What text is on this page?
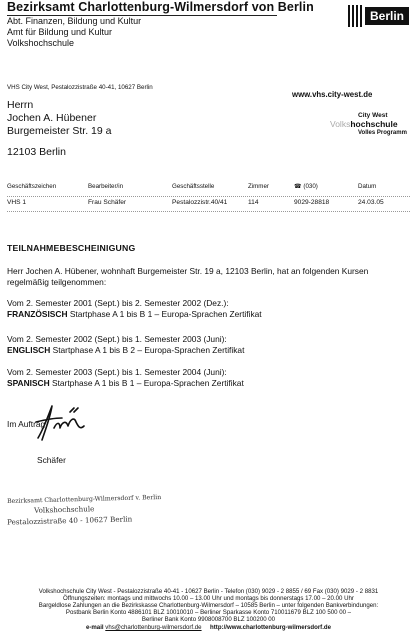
Bezirksamt Charlottenburg-Wilmersdorf von Berlin
Abt. Finanzen, Bildung und Kultur
Amt für Bildung und Kultur
Volkshochschule
Berlin
VHS City West, Pestalozzistraße 40-41, 10627 Berlin
www.vhs.city-west.de
City West
Volkshochschule
Volles Programm
Herrn
Jochen A. Hübener
Burgemeister Str. 19 a
12103 Berlin
Geschäftszeichen	Bearbeiter/in	Geschäftsstelle	Zimmer	☎ (030)	Datum
VHS 1	Frau Schäfer	Pestalozzistr.40/41	114	9029-28818	24.03.05
TEILNAHMEBESCHEINIGUNG
Herr Jochen A. Hübener, wohnhaft Burgemeister Str. 19 a, 12103 Berlin, hat an folgenden Kursen
regelmäßig teilgenommen:
Vom 2. Semester 2001 (Sept.) bis 2. Semester 2002 (Dez.):
FRANZÖSISCH Startphase A 1 bis B 1 – Europa-Sprachen Zertifikat
Vom 2. Semester 2002 (Sept.) bis 1. Semester 2003 (Juni):
ENGLISCH Startphase A 1 bis B 2 – Europa-Sprachen Zertifikat
Vom 2. Semester 2003 (Sept.) bis 1. Semester 2004 (Juni):
SPANISCH Startphase A 1 bis B 1 – Europa-Sprachen Zertifikat
Im Auftrag
Schäfer
Bezirksamt Charlottenburg-Wilmersdorf v. Berlin
Volkshochschule
Pestalozzistraße 40 - 10627 Berlin
Volkshochschule City West - Pestalozzistraße 40-41 - 10627 Berlin - Telefon (030) 9029 - 2 8855 / 69 Fax (030) 9029 - 2 8831
Öffnungszeiten: montags und mittwochs 10.00 – 13.00 Uhr und montags bis donnerstags 17.00 – 20.00 Uhr
Bargeldlose Zahlungen an die Bezirkskasse Charlottenburg-Wilmersdorf – 10585 Berlin – unter folgenden Bankverbindungen:
Postbank Berlin Konto 4886101 BLZ 10010010 – Berliner Sparkasse Konto 710011679 BLZ 100 500 00 –
Berliner Bank Konto 9908008700 BLZ 100200 00
e-mail vhs@charlottenburg-wilmersdorf.de http://www.charlottenburg-wilmersdorf.de
